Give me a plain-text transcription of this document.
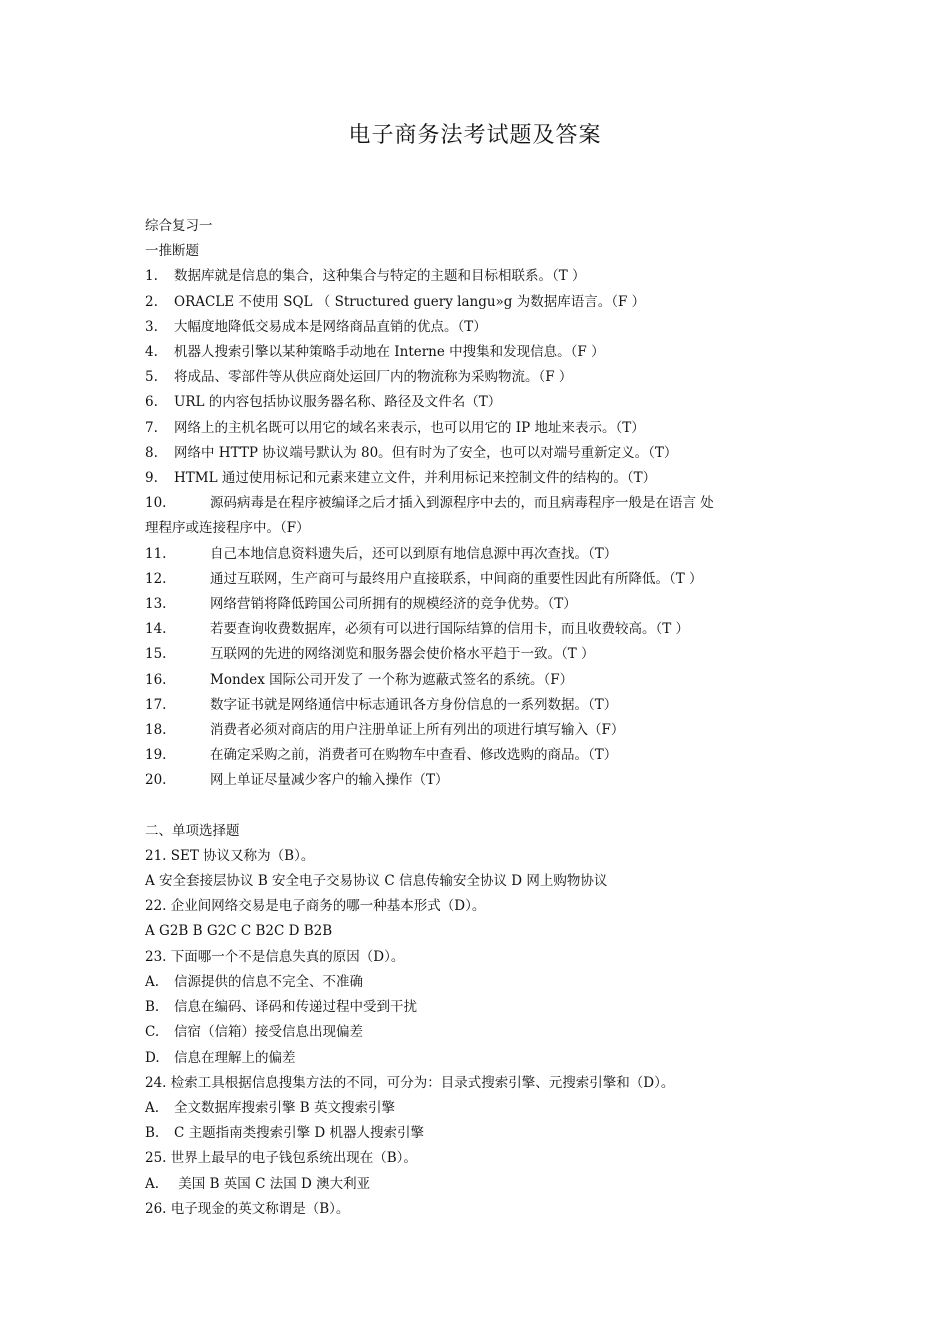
电子商务法考试题及答案
综合复习一
一推断题
1. 数据库就是信息的集合，这种集合与特定的主题和目标相联系。（T ）
2. ORACLE 不使用 SQL （ Structured guery langu»g 为数据库语言。（F ）
3. 大幅度地降低交易成本是网络商品直销的优点。（T）
4. 机器人搜索引擎以某种策略手动地在 Interne 中搜集和发现信息。（F ）
5. 将成品、零部件等从供应商处运回厂内的物流称为采购物流。（F ）
6. URL 的内容包括协议服务器名称、路径及文件名（T）
7. 网络上的主机名既可以用它的域名来表示，也可以用它的 IP 地址来表示。（T）
8. 网络中 HTTP 协议端号默认为 80。但有时为了安全，也可以对端号重新定义。（T）
9. HTML 通过使用标记和元素来建立文件，并利用标记来控制文件的结构的。（T）
10.	源码病毒是在程序被编译之后才插入到源程序中去的，而且病毒程序一般是在语言 处
理程序或连接程序中。（F）
11.	自己本地信息资料遗失后，还可以到原有地信息源中再次查找。（T）
12.	通过互联网，生产商可与最终用户直接联系，中间商的重要性因此有所降低。（T ）
13.	网络营销将降低跨国公司所拥有的规模经济的竞争优势。（T）
14.	若要查询收费数据库，必须有可以进行国际结算的信用卡，而且收费较高。（T ）
15.	互联网的先进的网络浏览和服务器会使价格水平趋于一致。（T ）
16.	Mondex 国际公司开发了 一个称为遮蔽式签名的系统。（F）
17.	数字证书就是网络通信中标志通讯各方身份信息的一系列数据。（T）
18.	消费者必须对商店的用户注册单证上所有列出的项进行填写输入（F）
19.	在确定采购之前，消费者可在购物车中查看、修改选购的商品。（T）
20.	网上单证尽量减少客户的输入操作（T）
二、单项选择题
21. SET 协议又称为（B）。
A 安全套接层协议 B 安全电子交易协议 C 信息传输安全协议 D 网上购物协议
22. 企业间网络交易是电子商务的哪一种基本形式（D）。
A G2B B G2C C B2C D B2B
23. 下面哪一个不是信息失真的原因（D）。
A. 信源提供的信息不完全、不准确
B. 信息在编码、译码和传递过程中受到干扰
C. 信宿（信箱）接受信息出现偏差
D. 信息在理解上的偏差
24. 检索工具根据信息搜集方法的不同，可分为：目录式搜索引擎、元搜索引擎和（D）。
A. 全文数据库搜索引擎 B 英文搜索引擎
B. C 主题指南类搜索引擎 D 机器人搜索引擎
25. 世界上最早的电子钱包系统出现在（B）。
A. 美国 B 英国 C 法国 D 澳大利亚
26. 电子现金的英文称谓是（B）。
